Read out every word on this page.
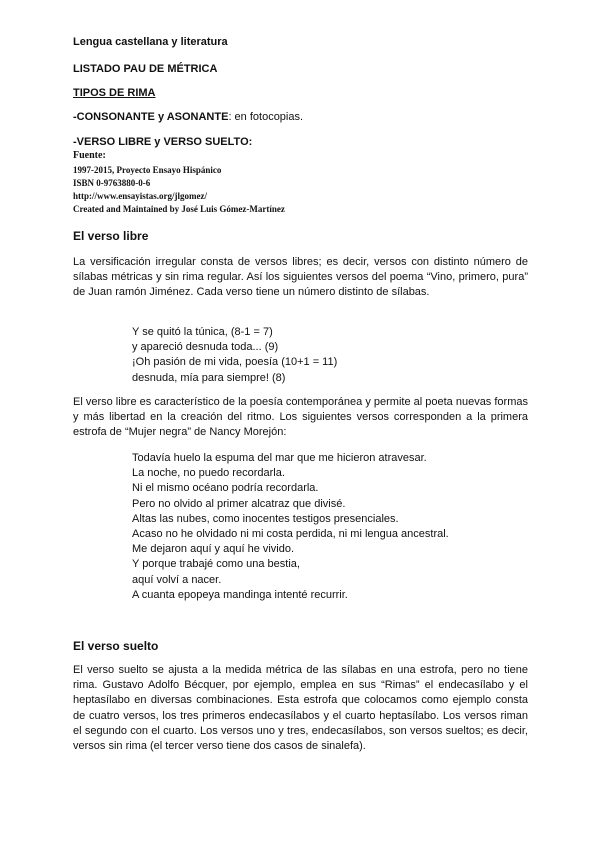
Lengua castellana y literatura
LISTADO PAU DE MÉTRICA
TIPOS DE RIMA
-CONSONANTE y ASONANTE: en fotocopias.
-VERSO LIBRE y VERSO SUELTO:
Fuente:
1997-2015, Proyecto Ensayo Hispánico
ISBN 0-9763880-0-6
http://www.ensayistas.org/jlgomez/
Created and Maintained by José Luis Gómez-Martínez
El verso libre
La versificación irregular consta de versos libres; es decir, versos con distinto número de sílabas métricas y sin rima regular. Así los siguientes versos del poema “Vino, primero, pura” de Juan ramón Jiménez. Cada verso tiene un número distinto de sílabas.
Y se quitó la túnica, (8-1 = 7)
y apareció desnuda toda... (9)
¡Oh pasión de mi vida, poesía (10+1 = 11)
desnuda, mía para siempre! (8)
El verso libre es característico de la poesía contemporánea y permite al poeta nuevas formas y más libertad en la creación del ritmo. Los siguientes versos corresponden a la primera estrofa de “Mujer negra” de Nancy Morejón:
Todavía huelo la espuma del mar que me hicieron atravesar.
La noche, no puedo recordarla.
Ni el mismo océano podría recordarla.
Pero no olvido al primer alcatraz que divisé.
Altas las nubes, como inocentes testigos presenciales.
Acaso no he olvidado ni mi costa perdida, ni mi lengua ancestral.
Me dejaron aquí y aquí he vivido.
Y porque trabajé como una bestia,
aquí volví a nacer.
A cuanta epopeya mandinga intenté recurrir.
El verso suelto
El verso suelto se ajusta a la medida métrica de las sílabas en una estrofa, pero no tiene rima. Gustavo Adolfo Bécquer, por ejemplo, emplea en sus “Rimas” el endecasílabo y el heptasílabo en diversas combinaciones. Esta estrofa que colocamos como ejemplo consta de cuatro versos, los tres primeros endecasílabos y el cuarto heptasílabo. Los versos riman el segundo con el cuarto. Los versos uno y tres, endecasílabos, son versos sueltos; es decir, versos sin rima (el tercer verso tiene dos casos de sinalefa).
